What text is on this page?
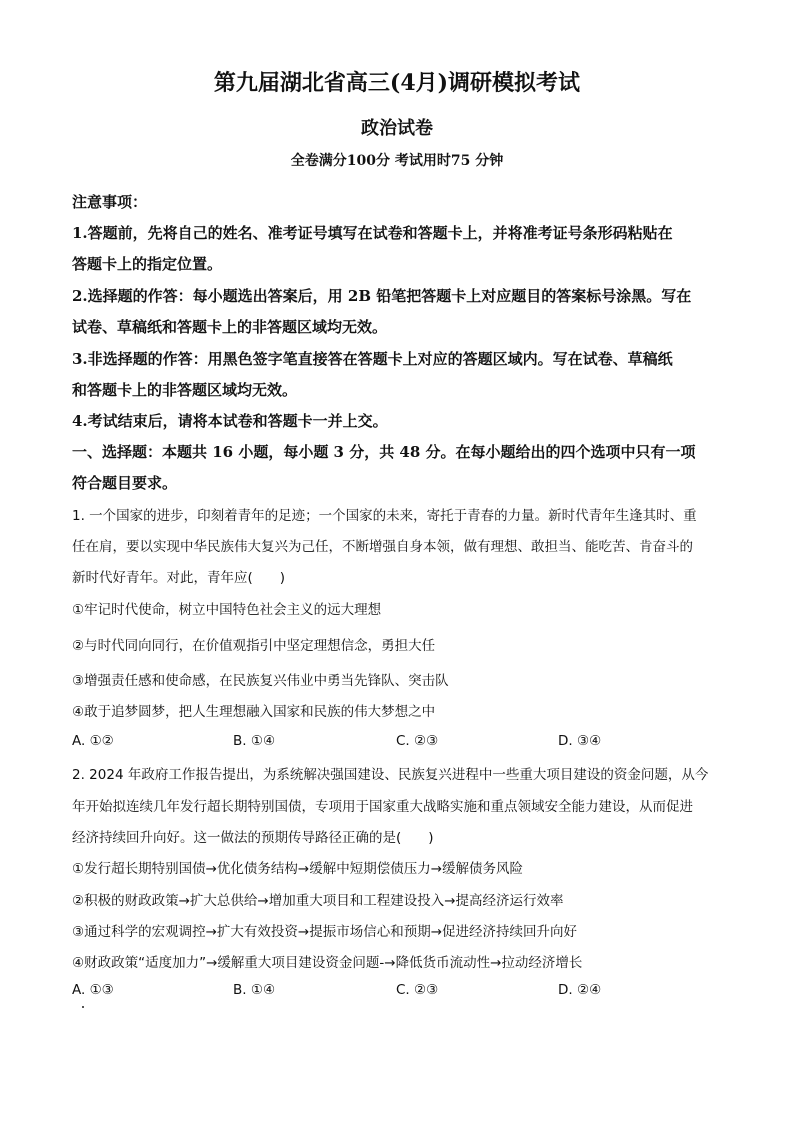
第九届湖北省高三(4月)调研模拟考试
政治试卷
全卷满分100分 考试用时75 分钟
注意事项：
1.答题前，先将自己的姓名、准考证号填写在试卷和答题卡上，并将准考证号条形码粘贴在
答题卡上的指定位置。
2.选择题的作答：每小题选出答案后，用 2B 铅笔把答题卡上对应题目的答案标号涂黑。写在
试卷、草稿纸和答题卡上的非答题区域均无效。
3.非选择题的作答：用黑色签字笔直接答在答题卡上对应的答题区域内。写在试卷、草稿纸
和答题卡上的非答题区域均无效。
4.考试结束后，请将本试卷和答题卡一并上交。
一、选择题：本题共 16 小题，每小题 3 分，共 48 分。在每小题给出的四个选项中只有一项
符合题目要求。
1. 一个国家的进步，印刻着青年的足迹；一个国家的未来，寄托于青春的力量。新时代青年生逢其时、重
任在肩，要以实现中华民族伟大复兴为己任，不断增强自身本领，做有理想、敢担当、能吃苦、肯奋斗的
新时代好青年。对此，青年应(　　)
①牢记时代使命，树立中国特色社会主义的远大理想
②与时代同向同行，在价值观指引中坚定理想信念，勇担大任
③增强责任感和使命感，在民族复兴伟业中勇当先锋队、突击队
④敢于追梦圆梦，把人生理想融入国家和民族的伟大梦想之中
A. ①②	B. ①④	C. ②③	D. ③④
2. 2024 年政府工作报告提出，为系统解决强国建设、民族复兴进程中一些重大项目建设的资金问题，从今
年开始拟连续几年发行超长期特别国债，专项用于国家重大战略实施和重点领域安全能力建设，从而促进
经济持续回升向好。这一做法的预期传导路径正确的是(　　)
①发行超长期特别国债→优化债务结构→缓解中短期偿债压力→缓解债务风险
②积极的财政政策→扩大总供给→增加重大项目和工程建设投入→提高经济运行效率
③通过科学的宏观调控→扩大有效投资→提振市场信心和预期→促进经济持续回升向好
④财政政策“适度加力”→缓解重大项目建设资金问题-→降低货币流动性→拉动经济增长
A. ①③	B. ①④	C. ②③	D. ②④
